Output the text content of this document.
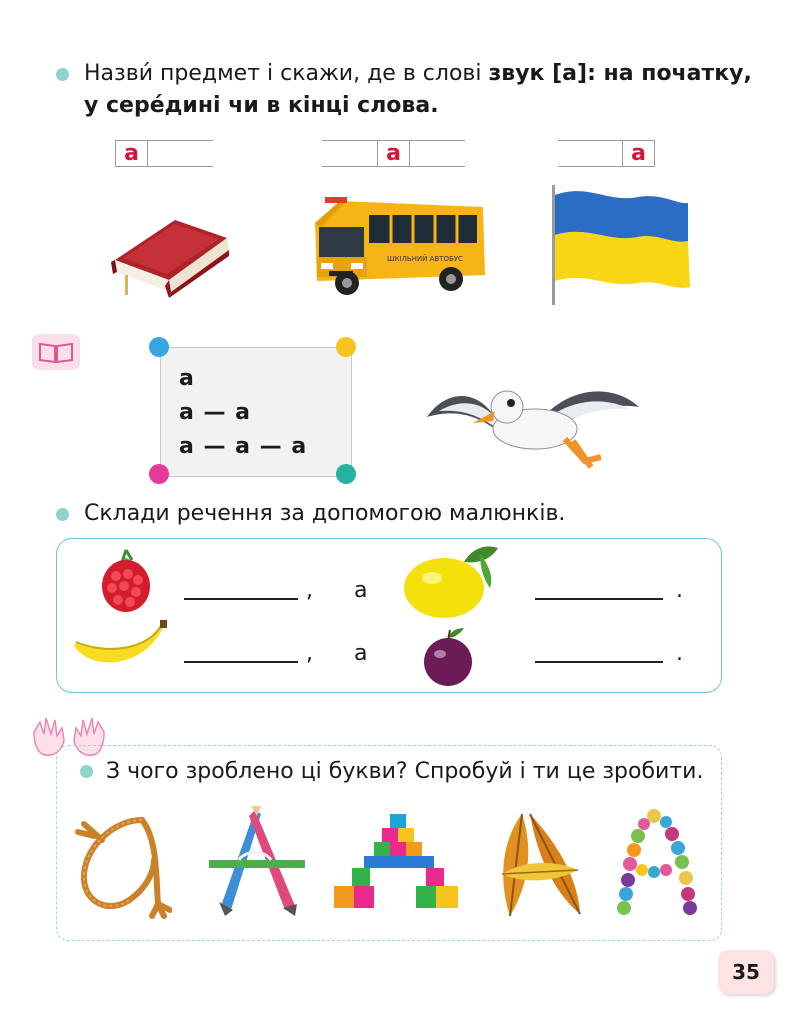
Назви́ предмет і скажи, де в слові звук [а]: на початку,
у сере́дині чи в кінці слова.
а	а	а
ШКІЛЬНИЙ АВТОБУС
а
а — а
а — а — а
Склади речення за допомогою малюнків.
, а	.
, а	.
З чого зроблено ці букви? Спробуй і ти це зробити.
35
